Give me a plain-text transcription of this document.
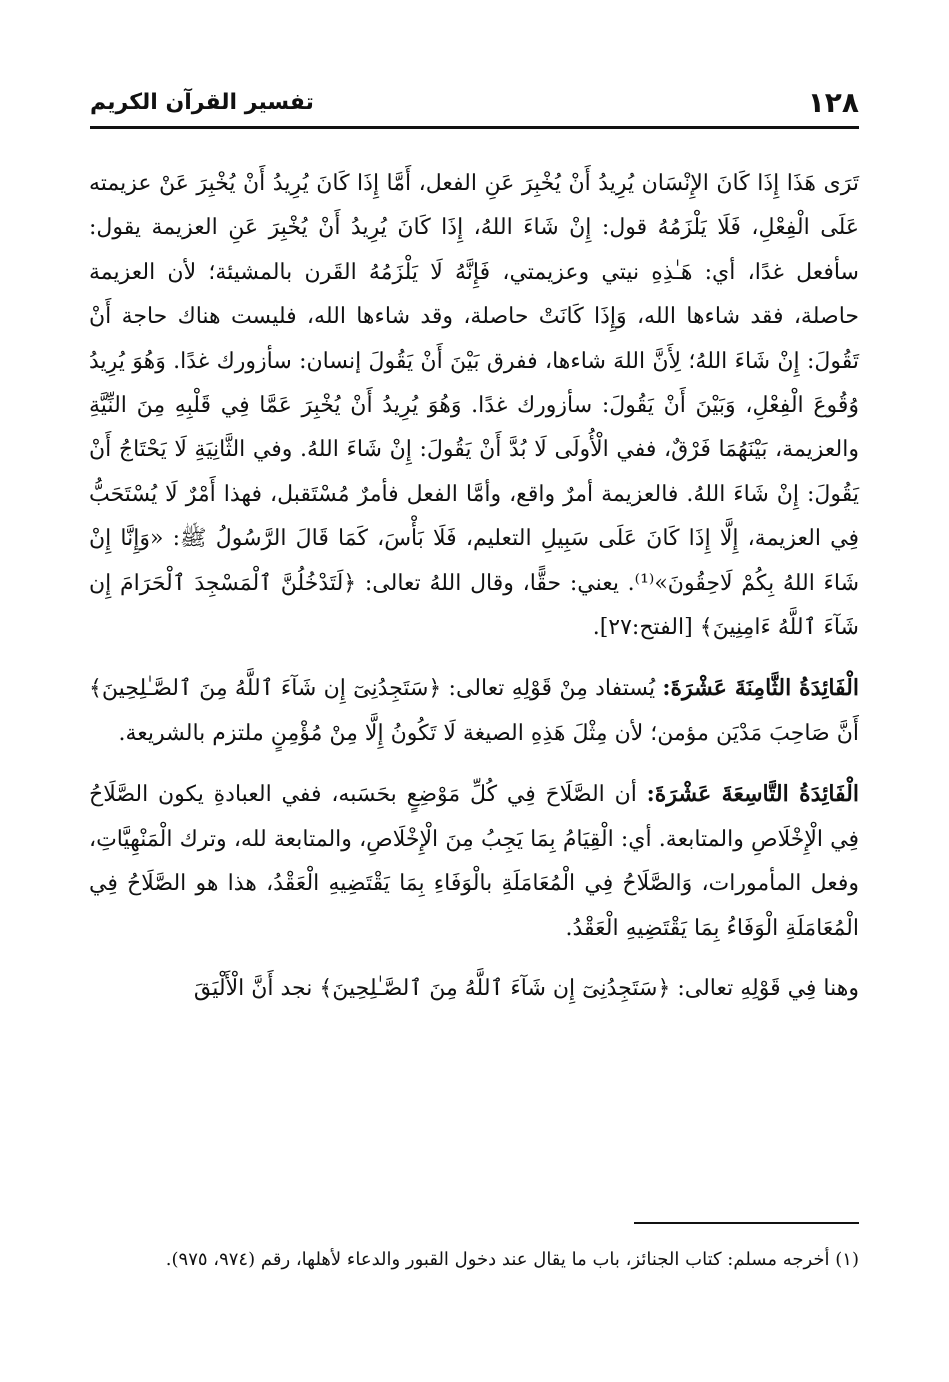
١٢٨
تفسير القرآن الكريم

تَرَى هَذَا إِذَا كَانَ الإِنْسَان يُرِيدُ أَنْ يُخْبِرَ عَنِ الفعل، أَمَّا إِذَا كَانَ يُرِيدُ أَنْ يُخْبِرَ عَنْ عزيمته عَلَى الْفِعْلِ، فَلَا يَلْزَمُهُ قول: إِنْ شَاءَ اللهُ، إِذَا كَانَ يُرِيدُ أَنْ يُخْبِرَ عَنِ العزيمة يقول: سأفعل غدًا، أي: هَـٰذِهِ نيتي وعزيمتي، فَإِنَّهُ لَا يَلْزَمُهُ القَرن بالمشيئة؛ لأن العزيمة حاصلة، فقد شاءها الله، وَإِذَا كَانَتْ حاصلة، وقد شاءها الله، فليست هناك حاجة أَنْ تَقُولَ: إِنْ شَاءَ اللهُ؛ لِأَنَّ اللهَ شاءها، ففرق بَيْنَ أَنْ يَقُولَ إنسان: سأزورك غدًا. وَهُوَ يُرِيدُ وُقُوعَ الْفِعْلِ، وَبَيْنَ أَنْ يَقُولَ: سأزورك غدًا. وَهُوَ يُرِيدُ أَنْ يُخْبِرَ عَمَّا فِي قَلْبِهِ مِنَ النِّيَّةِ والعزيمة، بَيْنَهُمَا فَرْقٌ، ففي الْأُولَى لَا بُدَّ أَنْ يَقُولَ: إِنْ شَاءَ اللهُ. وفي الثَّانِيَةِ لَا يَحْتَاجُ أَنْ يَقُولَ: إِنْ شَاءَ اللهُ. فالعزيمة أمرٌ واقع، وأمَّا الفعل فأمرٌ مُسْتَقبل، فهذا أَمْرٌ لَا يُسْتَحَبُّ فِي العزيمة، إِلَّا إِذَا كَانَ عَلَى سَبِيلِ التعليم، فَلَا بَأْسَ، كَمَا قَالَ الرَّسُولُ ﷺ: «وَإِنَّا إِنْ شَاءَ اللهُ بِكُمْ لَاحِقُونَ»⁽¹⁾. يعني: حقًّا، وقال اللهُ تعالى: ﴿لَتَدْخُلُنَّ ٱلْمَسْجِدَ ٱلْحَرَامَ إِن شَآءَ ٱللَّهُ ءَامِنِينَ﴾ [الفتح:٢٧].

الْفَائِدَةُ الثَّامِنَةَ عَشْرَةَ: يُستفاد مِنْ قَوْلِهِ تعالى: ﴿سَتَجِدُنِىٓ إِن شَآءَ ٱللَّهُ مِنَ ٱلصَّـٰلِحِينَ﴾ أَنَّ صَاحِبَ مَدْيَن مؤمن؛ لأن مِثْلَ هَذِهِ الصيغة لَا تَكُونُ إِلَّا مِنْ مُؤْمِنٍ ملتزم بالشريعة.

الْفَائِدَةُ التَّاسِعَةَ عَشْرَةَ: أن الصَّلَاحَ فِي كُلِّ مَوْضِعٍ بحَسَبه، ففي العبادةِ يكون الصَّلَاحُ فِي الْإِخْلَاصِ والمتابعة. أي: الْقِيَامُ بِمَا يَجِبُ مِنَ الْإِخْلَاصِ، والمتابعة لله، وترك الْمَنْهِيَّاتِ، وفعل المأمورات، وَالصَّلَاحُ فِي الْمُعَامَلَةِ بالْوَفَاءِ بِمَا يَقْتَضِيهِ الْعَقْدُ، هذا هو الصَّلَاحُ فِي الْمُعَامَلَةِ الْوَفَاءُ بِمَا يَقْتَضِيهِ الْعَقْدُ.

وهنا فِي قَوْلِهِ تعالى: ﴿سَتَجِدُنِىٓ إِن شَآءَ ٱللَّهُ مِنَ ٱلصَّـٰلِحِينَ﴾ نجد أَنَّ الْأَلْيَقَ

(١) أخرجه مسلم: كتاب الجنائز، باب ما يقال عند دخول القبور والدعاء لأهلها، رقم (٩٧٤، ٩٧٥).
